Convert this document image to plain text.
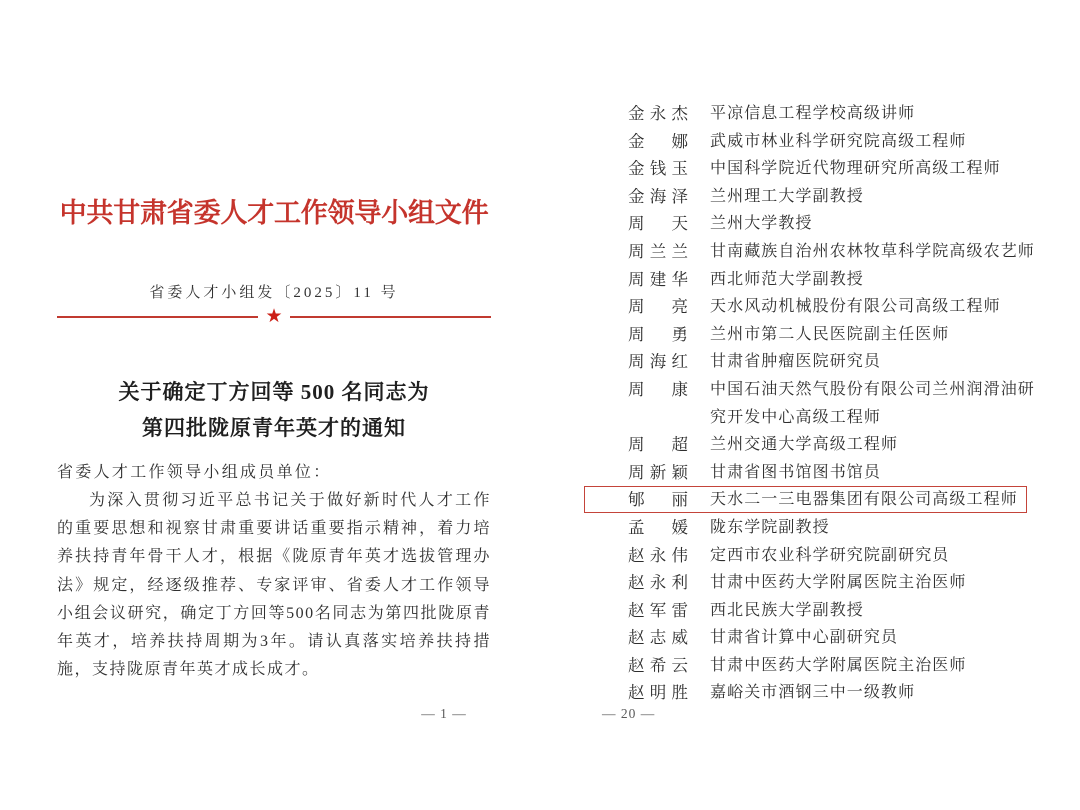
中共甘肃省委人才工作领导小组文件
省委人才小组发〔2025〕11 号
★
关于确定丁方回等 500 名同志为
第四批陇原青年英才的通知

省委人才工作领导小组成员单位：

为深入贯彻习近平总书记关于做好新时代人才工作的重要思想和视察甘肃重要讲话重要指示精神，着力培养扶持青年骨干人才，根据《陇原青年英才选拔管理办法》规定，经逐级推荐、专家评审、省委人才工作领导小组会议研究，确定丁方回等500名同志为第四批陇原青年英才，培养扶持周期为3年。请认真落实培养扶持措施，支持陇原青年英才成长成才。

金 永 杰 平凉信息工程学校高级讲师
金 娜 武威市林业科学研究院高级工程师
金 钱 玉 中国科学院近代物理研究所高级工程师
金 海 泽 兰州理工大学副教授
周 天 兰州大学教授
周 兰 兰 甘南藏族自治州农林牧草科学院高级农艺师
周 建 华 西北师范大学副教授
周 亮 天水风动机械股份有限公司高级工程师
周 勇 兰州市第二人民医院副主任医师
周 海 红 甘肃省肿瘤医院研究员
周 康 中国石油天然气股份有限公司兰州润滑油研究开发中心高级工程师
周 超 兰州交通大学高级工程师
周 新 颖 甘肃省图书馆图书馆员
郇 丽 天水二一三电器集团有限公司高级工程师
孟 媛 陇东学院副教授
赵 永 伟 定西市农业科学研究院副研究员
赵 永 利 甘肃中医药大学附属医院主治医师
赵 军 雷 西北民族大学副教授
赵 志 威 甘肃省计算中心副研究员
赵 希 云 甘肃中医药大学附属医院主治医师
赵 明 胜 嘉峪关市酒钢三中一级教师
— 1 —	— 20 —
